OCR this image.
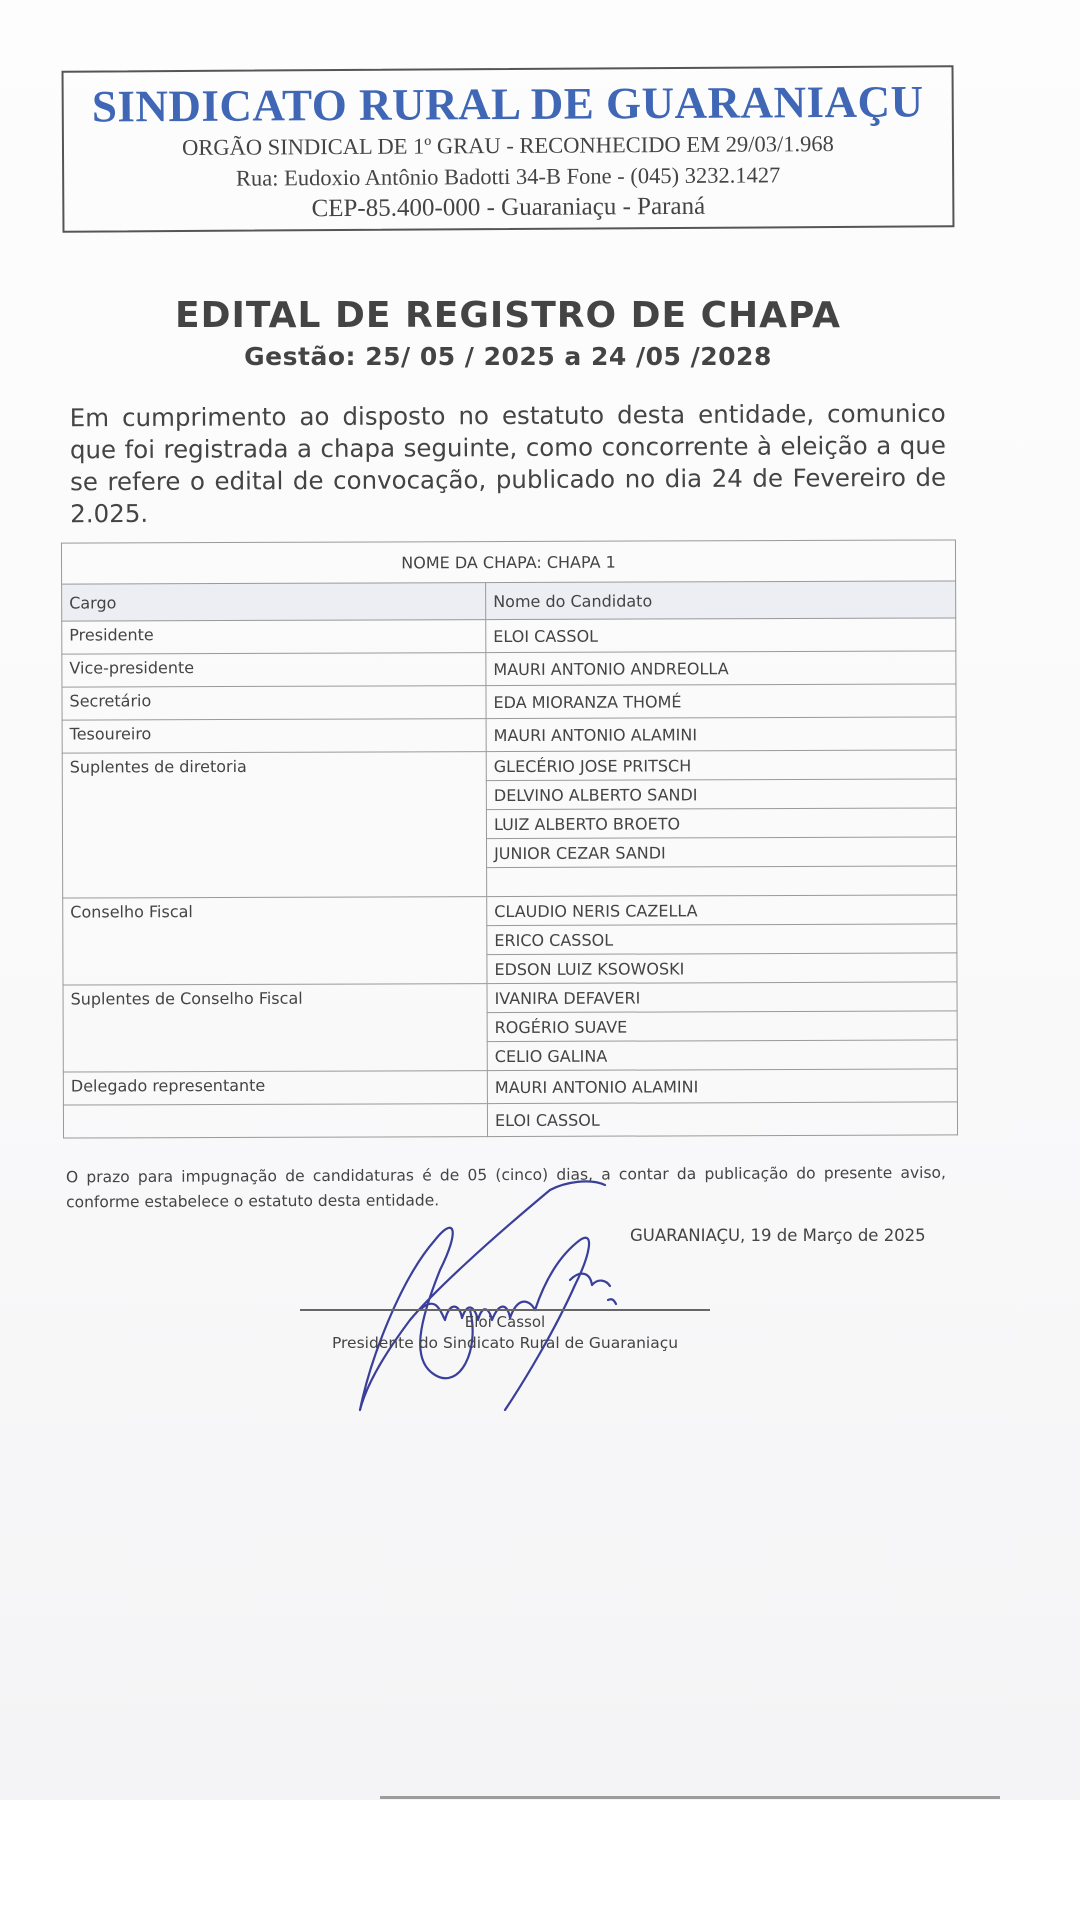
SINDICATO RURAL DE GUARANIAÇU
ORGÃO SINDICAL DE 1º GRAU - RECONHECIDO EM 29/03/1.968
Rua: Eudoxio Antônio Badotti 34-B Fone - (045) 3232.1427
CEP-85.400-000 - Guaraniaçu - Paraná
EDITAL DE REGISTRO DE CHAPA
Gestão: 25/ 05 / 2025 a 24 /05 /2028
Em cumprimento ao disposto no estatuto desta entidade, comunico que foi registrada a chapa seguinte, como concorrente à eleição a que se refere o edital de convocação, publicado no dia 24 de Fevereiro de 2.025.
NOME DA CHAPA: CHAPA 1	
Cargo	Nome do Candidato
Presidente	ELOI CASSOL
Vice-presidente	MAURI ANTONIO ANDREOLLA
Secretário	EDA MIORANZA THOMÉ
Tesoureiro	MAURI ANTONIO ALAMINI
Suplentes de diretoria	GLECÉRIO JOSE PRITSCH
	DELVINO ALBERTO SANDI
	LUIZ ALBERTO BROETO
	JUNIOR CEZAR SANDI

Conselho Fiscal	CLAUDIO NERIS CAZELLA
	ERICO CASSOL
	EDSON LUIZ KSOWOSKI
Suplentes de Conselho Fiscal	IVANIRA DEFAVERI
	ROGÉRIO SUAVE
	CELIO GALINA
Delegado representante	MAURI ANTONIO ALAMINI
	ELOI CASSOL
O prazo para impugnação de candidaturas é de 05 (cinco) dias, a contar da publicação do presente aviso, conforme estabelece o estatuto desta entidade.
GUARANIAÇU, 19 de Março de 2025
Eloi Cassol
Presidente do Sindicato Rural de Guaraniaçu
